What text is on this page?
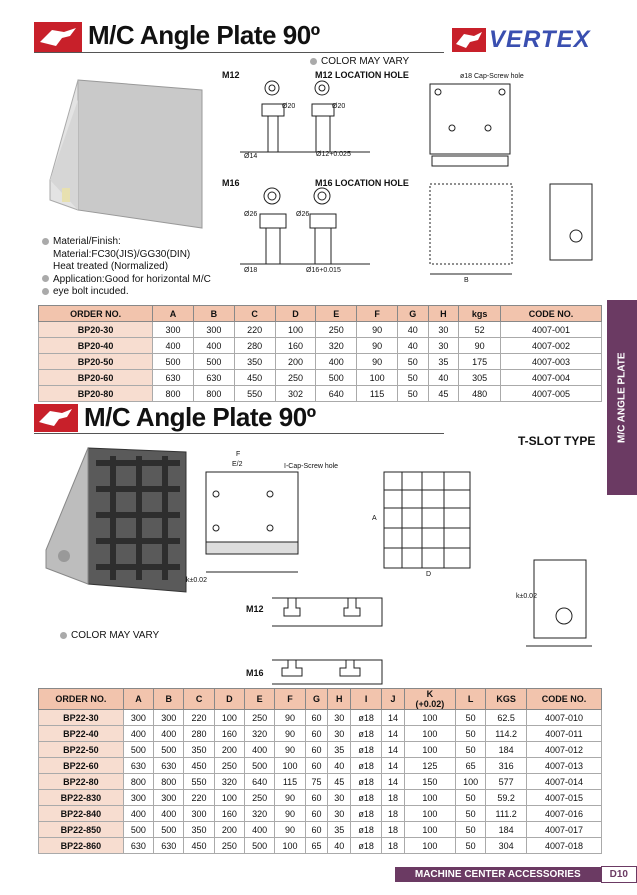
M/C Angle Plate 90º	VERTEX
COLOR MAY VARY
M12	M12 LOCATION HOLE
Ø20	Ø20
Ø14	Ø12+0.025
M16	M16 LOCATION HOLE
Ø26	Ø26
Ø18	Ø16+0.015
ø18 Cap-Screw hole
B
Material/Finish:
Material:FC30(JIS)/GG30(DIN)
Heat treated (Normalized)
Application:Good for horizontal M/C
eye bolt incuded.
ORDER NO.	A	B	C	D	E	F	G	H	kgs	CODE NO.
BP20-30	300	300	220	100	250	90	40	30	52	4007-001
BP20-40	400	400	280	160	320	90	40	30	90	4007-002
BP20-50	500	500	350	200	400	90	50	35	175	4007-003
BP20-60	630	630	450	250	500	100	50	40	305	4007-004
BP20-80	800	800	550	302	640	115	50	45	480	4007-005
M/C Angle Plate 90º
T-SLOT TYPE
I-Cap-Screw hole
E/2
F
k±0.02
A
D
M12
M16
k±0.02
COLOR MAY VARY
ORDER NO.	A	B	C	D	E	F	G	H	I	J	K
(+0.02)	L	KGS	CODE NO.
BP22-30	300	300	220	100	250	90	60	30	ø18	14	100	50	62.5	4007-010
BP22-40	400	400	280	160	320	90	60	30	ø18	14	100	50	114.2	4007-011
BP22-50	500	500	350	200	400	90	60	35	ø18	14	100	50	184	4007-012
BP22-60	630	630	450	250	500	100	60	40	ø18	14	125	65	316	4007-013
BP22-80	800	800	550	320	640	115	75	45	ø18	14	150	100	577	4007-014
BP22-830	300	300	220	100	250	90	60	30	ø18	18	100	50	59.2	4007-015
BP22-840	400	400	300	160	320	90	60	30	ø18	18	100	50	111.2	4007-016
BP22-850	500	500	350	200	400	90	60	35	ø18	18	100	50	184	4007-017
BP22-860	630	630	450	250	500	100	65	40	ø18	18	100	50	304	4007-018
M/C ANGLE PLATE
MACHINE CENTER ACCESSORIES	D10
